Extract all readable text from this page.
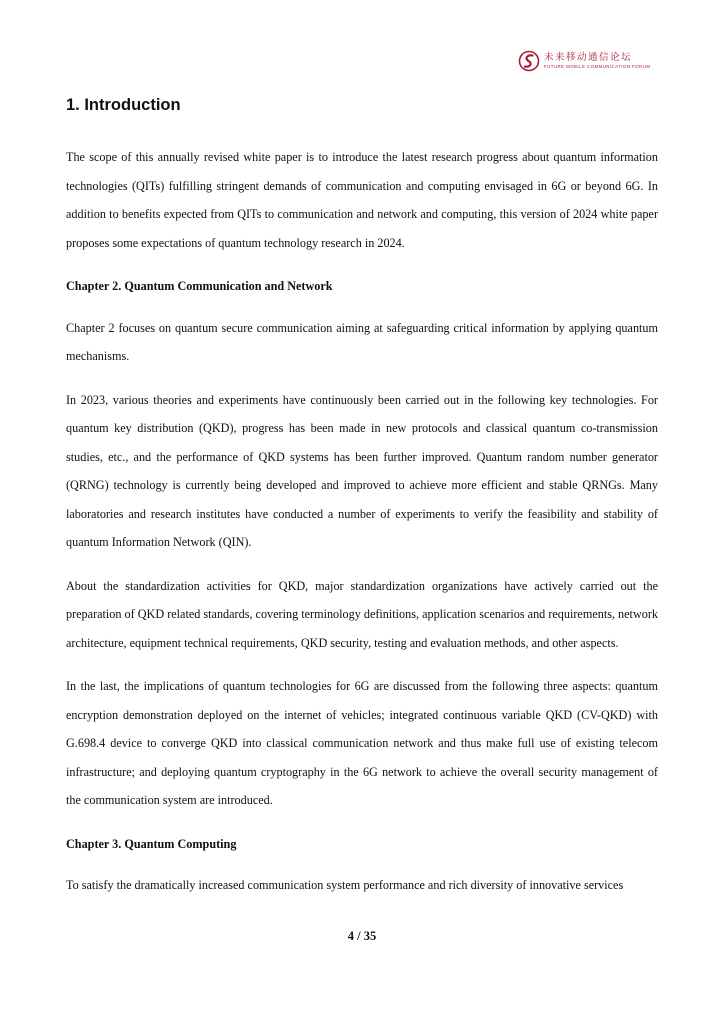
未来移动通信论坛
FUTURE MOBILE COMMUNICATION FORUM
1. Introduction

The scope of this annually revised white paper is to introduce the latest research progress about quantum information technologies (QITs) fulfilling stringent demands of communication and computing envisaged in 6G or beyond 6G. In addition to benefits expected from QITs to communication and network and computing, this version of 2024 white paper proposes some expectations of quantum technology research in 2024.

Chapter 2. Quantum Communication and Network

Chapter 2 focuses on quantum secure communication aiming at safeguarding critical information by applying quantum mechanisms.

In 2023, various theories and experiments have continuously been carried out in the following key technologies. For quantum key distribution (QKD), progress has been made in new protocols and classical quantum co-transmission studies, etc., and the performance of QKD systems has been further improved. Quantum random number generator (QRNG) technology is currently being developed and improved to achieve more efficient and stable QRNGs. Many laboratories and research institutes have conducted a number of experiments to verify the feasibility and stability of quantum Information Network (QIN).

About the standardization activities for QKD, major standardization organizations have actively carried out the preparation of QKD related standards, covering terminology definitions, application scenarios and requirements, network architecture, equipment technical requirements, QKD security, testing and evaluation methods, and other aspects.

In the last, the implications of quantum technologies for 6G are discussed from the following three aspects: quantum encryption demonstration deployed on the internet of vehicles; integrated continuous variable QKD (CV-QKD) with G.698.4 device to converge QKD into classical communication network and thus make full use of existing telecom infrastructure; and deploying quantum cryptography in the 6G network to achieve the overall security management of the communication system are introduced.

Chapter 3. Quantum Computing

To satisfy the dramatically increased communication system performance and rich diversity of innovative services

4 / 35
